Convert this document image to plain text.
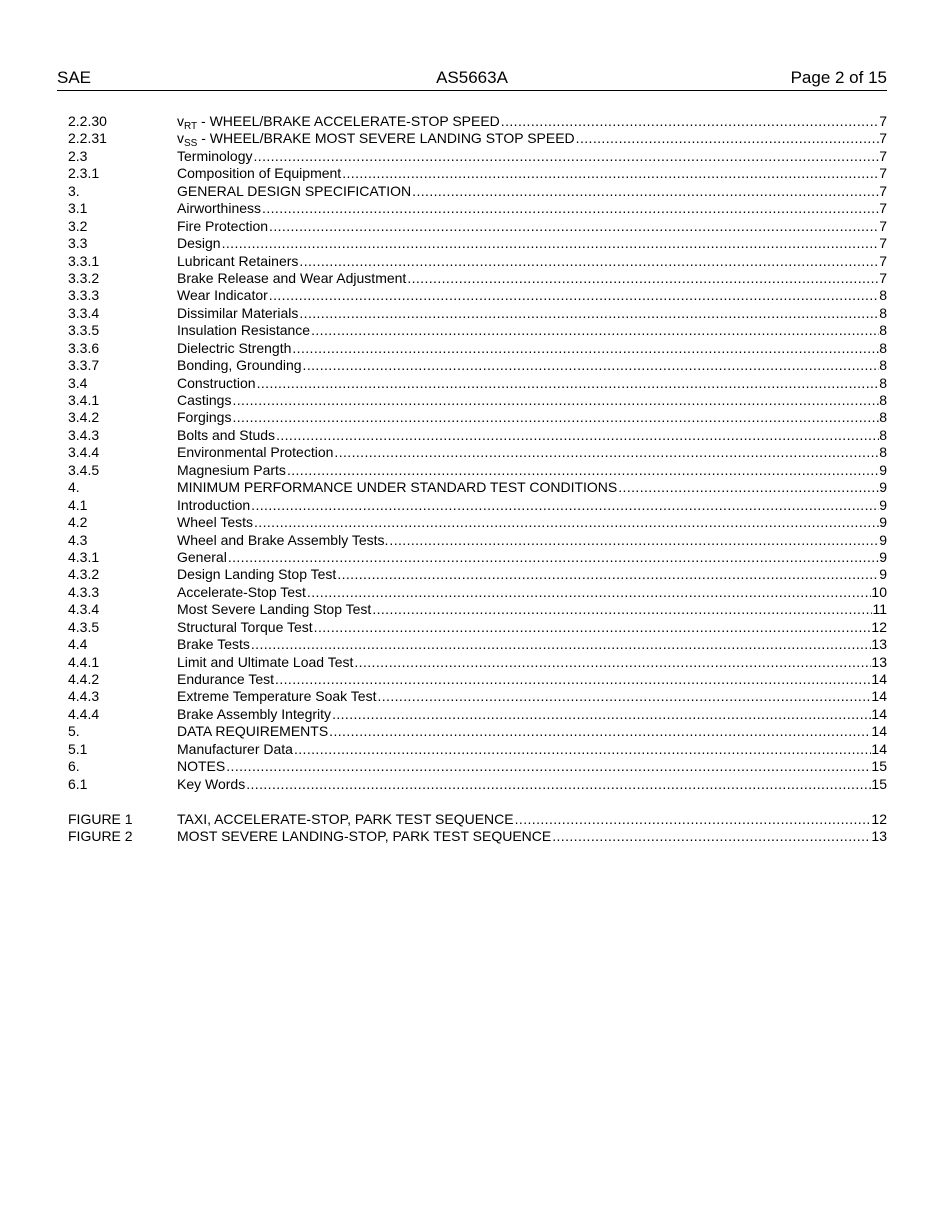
SAE	AS5663A	Page 2 of 15
2.2.30	$v_{RT}$ - WHEEL/BRAKE ACCELERATE-STOP SPEED .....	7
2.2.31	$v_{SS}$ - WHEEL/BRAKE MOST SEVERE LANDING STOP SPEED .....	7
2.3	Terminology .....	7
2.3.1	Composition of Equipment .....	7
3.	GENERAL DESIGN SPECIFICATION .....	7
3.1	Airworthiness .....	7
3.2	Fire Protection .....	7
3.3	Design .....	7
3.3.1	Lubricant Retainers .....	7
3.3.2	Brake Release and Wear Adjustment .....	7
3.3.3	Wear Indicator .....	8
3.3.4	Dissimilar Materials .....	8
3.3.5	Insulation Resistance .....	8
3.3.6	Dielectric Strength .....	8
3.3.7	Bonding, Grounding .....	8
3.4	Construction .....	8
3.4.1	Castings .....	8
3.4.2	Forgings .....	8
3.4.3	Bolts and Studs .....	8
3.4.4	Environmental Protection .....	8
3.4.5	Magnesium Parts .....	9
4.	MINIMUM PERFORMANCE UNDER STANDARD TEST CONDITIONS .....	9
4.1	Introduction .....	9
4.2	Wheel Tests .....	9
4.3	Wheel and Brake Assembly Tests. .....	9
4.3.1	General .....	9
4.3.2	Design Landing Stop Test .....	9
4.3.3	Accelerate-Stop Test .....	10
4.3.4	Most Severe Landing Stop Test .....	11
4.3.5	Structural Torque Test .....	12
4.4	Brake Tests .....	13
4.4.1	Limit and Ultimate Load Test .....	13
4.4.2	Endurance Test .....	14
4.4.3	Extreme Temperature Soak Test .....	14
4.4.4	Brake Assembly Integrity .....	14
5.	DATA REQUIREMENTS .....	14
5.1	Manufacturer Data .....	14
6.	NOTES .....	15
6.1	Key Words .....	15
FIGURE 1	TAXI, ACCELERATE-STOP, PARK TEST SEQUENCE .....	12
FIGURE 2	MOST SEVERE LANDING-STOP, PARK TEST SEQUENCE .....	13
